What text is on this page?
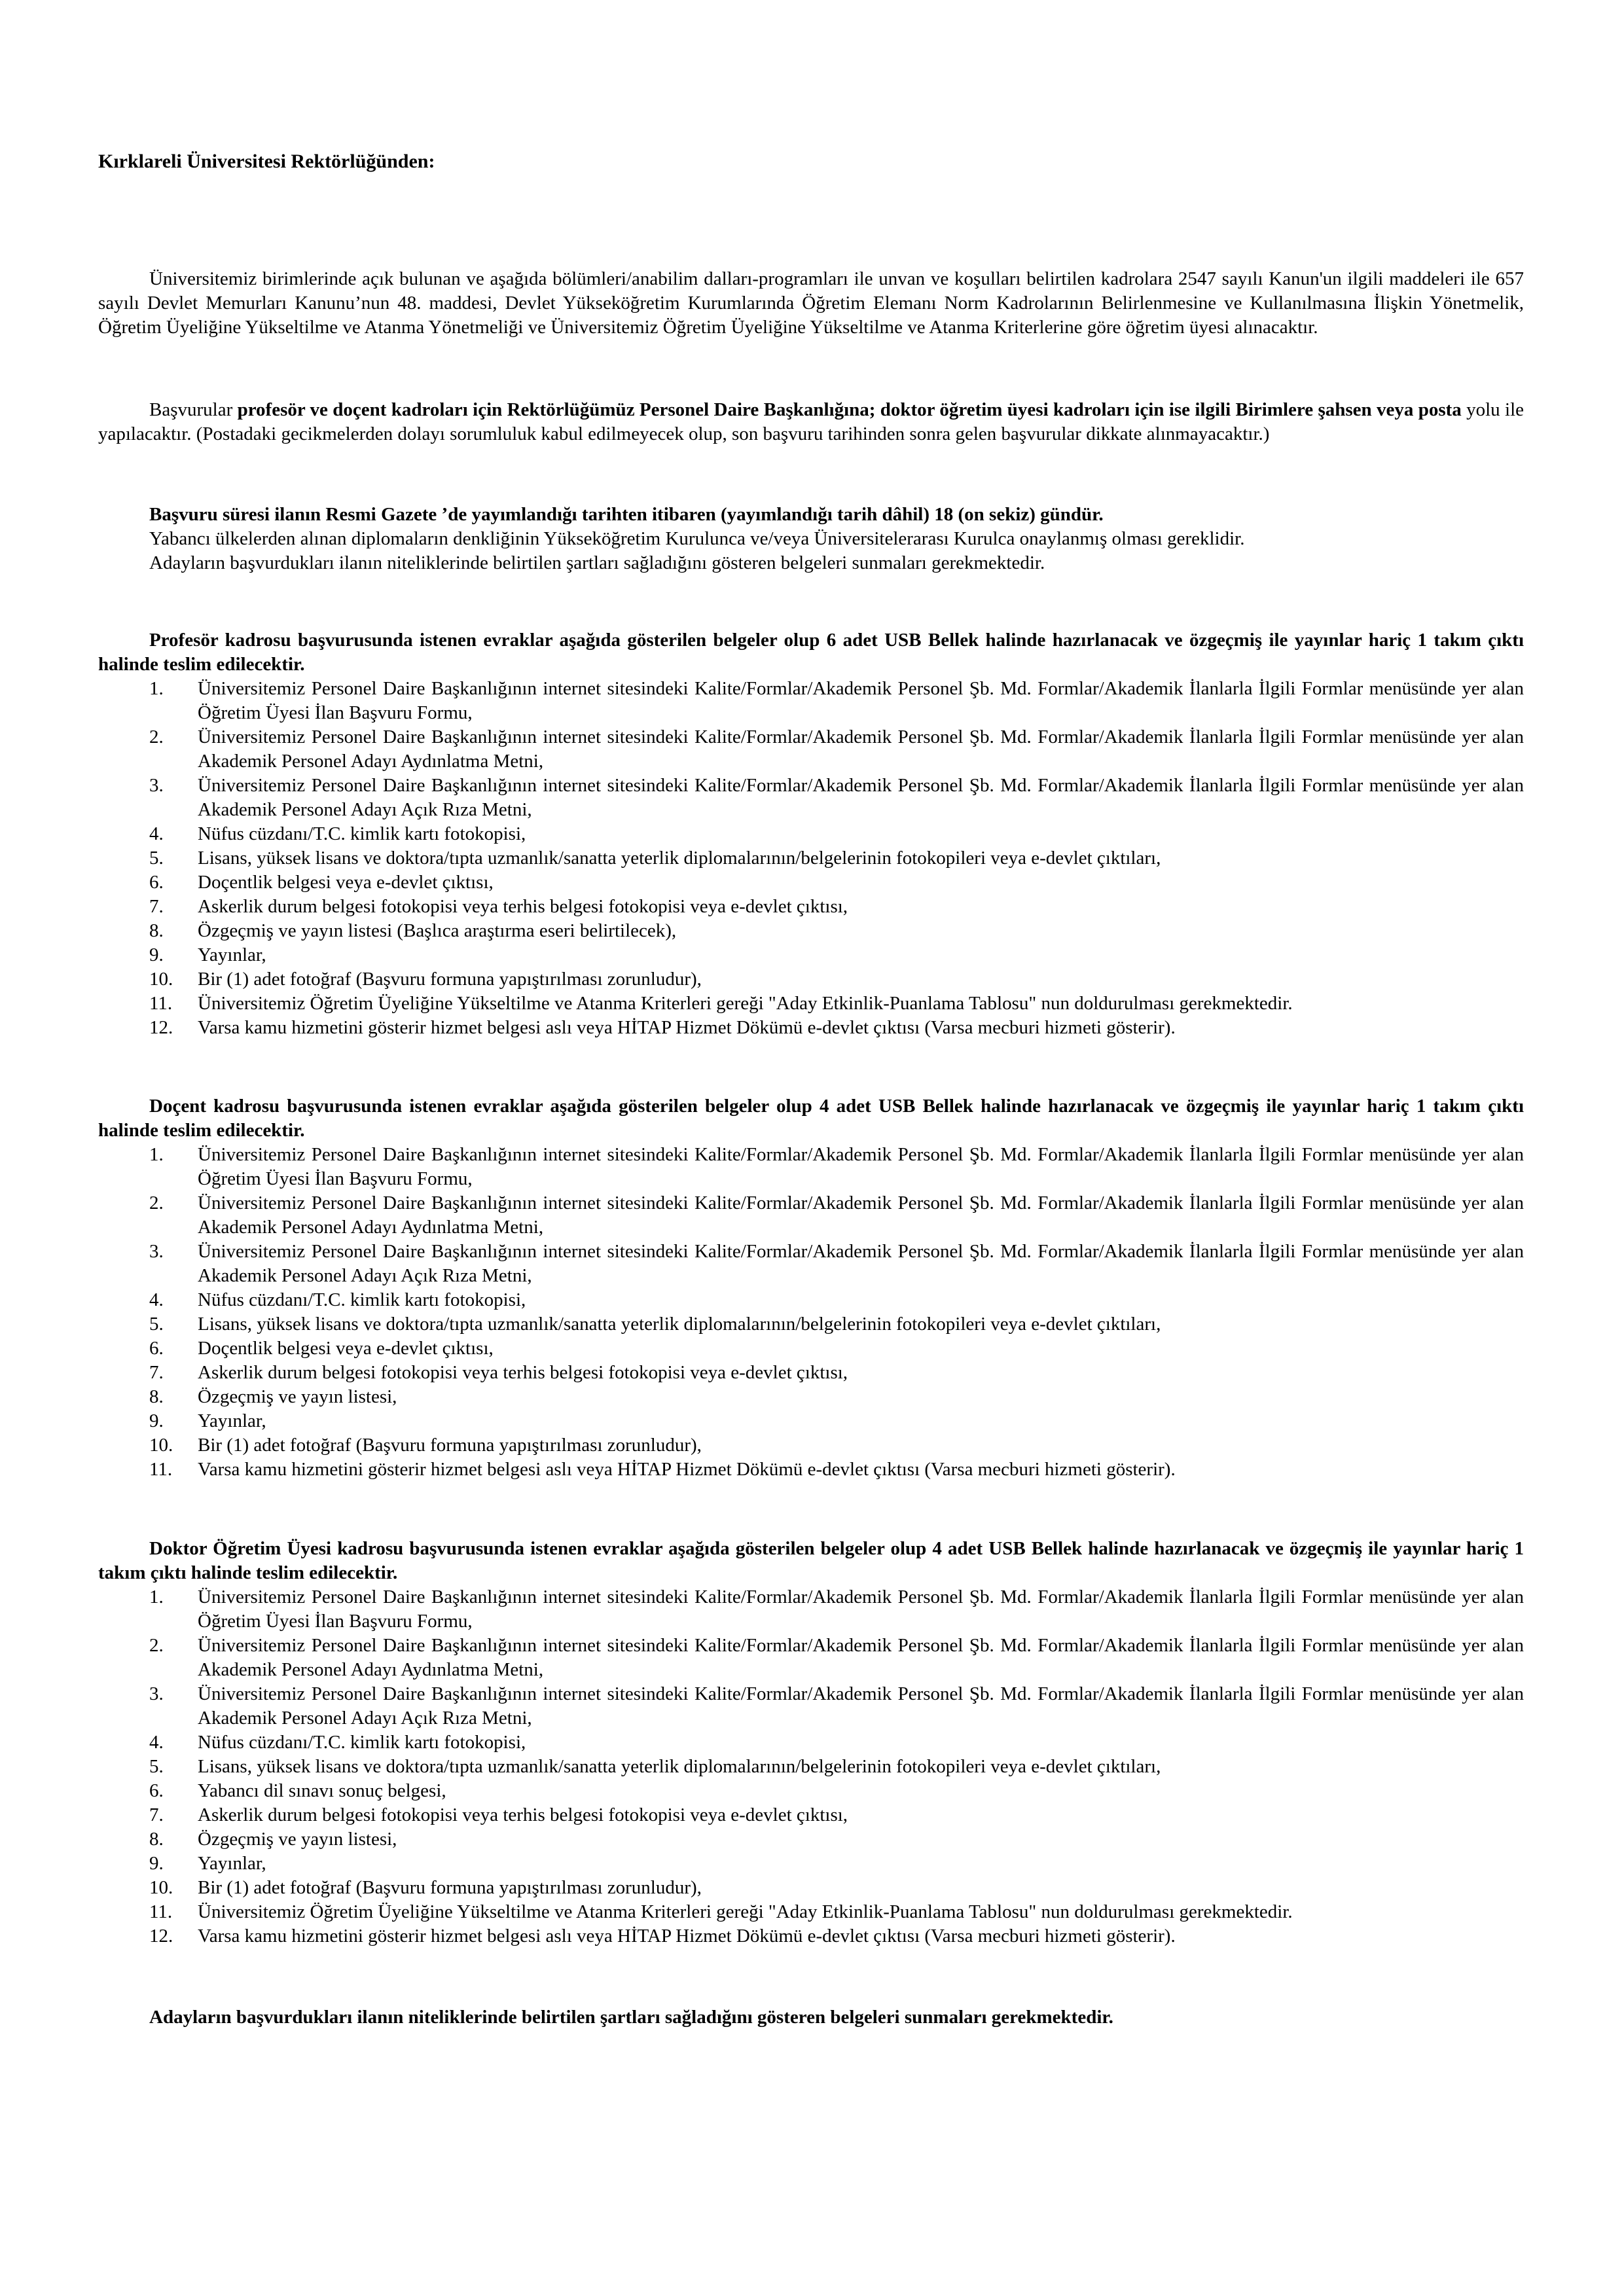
Kırklareli Üniversitesi Rektörlüğünden:
Üniversitemiz birimlerinde açık bulunan ve aşağıda bölümleri/anabilim dalları-programları ile unvan ve koşulları belirtilen kadrolara 2547 sayılı Kanun'un ilgili maddeleri ile 657 sayılı Devlet Memurları Kanunu’nun 48. maddesi, Devlet Yükseköğretim Kurumlarında Öğretim Elemanı Norm Kadrolarının Belirlenmesine ve Kullanılmasına İlişkin Yönetmelik, Öğretim Üyeliğine Yükseltilme ve Atanma Yönetmeliği ve Üniversitemiz Öğretim Üyeliğine Yükseltilme ve Atanma Kriterlerine göre öğretim üyesi alınacaktır.
Başvurular profesör ve doçent kadroları için Rektörlüğümüz Personel Daire Başkanlığına; doktor öğretim üyesi kadroları için ise ilgili Birimlere şahsen veya posta yolu ile yapılacaktır. (Postadaki gecikmelerden dolayı sorumluluk kabul edilmeyecek olup, son başvuru tarihinden sonra gelen başvurular dikkate alınmayacaktır.)
Başvuru süresi ilanın Resmi Gazete ’de yayımlandığı tarihten itibaren (yayımlandığı tarih dâhil) 18 (on sekiz) gündür.
Yabancı ülkelerden alınan diplomaların denkliğinin Yükseköğretim Kurulunca ve/veya Üniversitelerarası Kurulca onaylanmış olması gereklidir.
Adayların başvurdukları ilanın niteliklerinde belirtilen şartları sağladığını gösteren belgeleri sunmaları gerekmektedir.
Profesör kadrosu başvurusunda istenen evraklar aşağıda gösterilen belgeler olup 6 adet USB Bellek halinde hazırlanacak ve özgeçmiş ile yayınlar hariç 1 takım çıktı halinde teslim edilecektir.
1.	Üniversitemiz Personel Daire Başkanlığının internet sitesindeki Kalite/Formlar/Akademik Personel Şb. Md. Formlar/Akademik İlanlarla İlgili Formlar menüsünde yer alan Öğretim Üyesi İlan Başvuru Formu,
2.	Üniversitemiz Personel Daire Başkanlığının internet sitesindeki Kalite/Formlar/Akademik Personel Şb. Md. Formlar/Akademik İlanlarla İlgili Formlar menüsünde yer alan Akademik Personel Adayı Aydınlatma Metni,
3.	Üniversitemiz Personel Daire Başkanlığının internet sitesindeki Kalite/Formlar/Akademik Personel Şb. Md. Formlar/Akademik İlanlarla İlgili Formlar menüsünde yer alan Akademik Personel Adayı Açık Rıza Metni,
4.	Nüfus cüzdanı/T.C. kimlik kartı fotokopisi,
5.	Lisans, yüksek lisans ve doktora/tıpta uzmanlık/sanatta yeterlik diplomalarının/belgelerinin fotokopileri veya e-devlet çıktıları,
6.	Doçentlik belgesi veya e-devlet çıktısı,
7.	Askerlik durum belgesi fotokopisi veya terhis belgesi fotokopisi veya e-devlet çıktısı,
8.	Özgeçmiş ve yayın listesi (Başlıca araştırma eseri belirtilecek),
9.	Yayınlar,
10.	Bir (1) adet fotoğraf (Başvuru formuna yapıştırılması zorunludur),
11.	Üniversitemiz Öğretim Üyeliğine Yükseltilme ve Atanma Kriterleri gereği "Aday Etkinlik-Puanlama Tablosu" nun doldurulması gerekmektedir.
12.	Varsa kamu hizmetini gösterir hizmet belgesi aslı veya HİTAP Hizmet Dökümü e-devlet çıktısı (Varsa mecburi hizmeti gösterir).
Doçent kadrosu başvurusunda istenen evraklar aşağıda gösterilen belgeler olup 4 adet USB Bellek halinde hazırlanacak ve özgeçmiş ile yayınlar hariç 1 takım çıktı halinde teslim edilecektir.
1.	Üniversitemiz Personel Daire Başkanlığının internet sitesindeki Kalite/Formlar/Akademik Personel Şb. Md. Formlar/Akademik İlanlarla İlgili Formlar menüsünde yer alan Öğretim Üyesi İlan Başvuru Formu,
2.	Üniversitemiz Personel Daire Başkanlığının internet sitesindeki Kalite/Formlar/Akademik Personel Şb. Md. Formlar/Akademik İlanlarla İlgili Formlar menüsünde yer alan Akademik Personel Adayı Aydınlatma Metni,
3.	Üniversitemiz Personel Daire Başkanlığının internet sitesindeki Kalite/Formlar/Akademik Personel Şb. Md. Formlar/Akademik İlanlarla İlgili Formlar menüsünde yer alan Akademik Personel Adayı Açık Rıza Metni,
4.	Nüfus cüzdanı/T.C. kimlik kartı fotokopisi,
5.	Lisans, yüksek lisans ve doktora/tıpta uzmanlık/sanatta yeterlik diplomalarının/belgelerinin fotokopileri veya e-devlet çıktıları,
6.	Doçentlik belgesi veya e-devlet çıktısı,
7.	Askerlik durum belgesi fotokopisi veya terhis belgesi fotokopisi veya e-devlet çıktısı,
8.	Özgeçmiş ve yayın listesi,
9.	Yayınlar,
10.	Bir (1) adet fotoğraf (Başvuru formuna yapıştırılması zorunludur),
11.	Varsa kamu hizmetini gösterir hizmet belgesi aslı veya HİTAP Hizmet Dökümü e-devlet çıktısı (Varsa mecburi hizmeti gösterir).
Doktor Öğretim Üyesi kadrosu başvurusunda istenen evraklar aşağıda gösterilen belgeler olup 4 adet USB Bellek halinde hazırlanacak ve özgeçmiş ile yayınlar hariç 1 takım çıktı halinde teslim edilecektir.
1.	Üniversitemiz Personel Daire Başkanlığının internet sitesindeki Kalite/Formlar/Akademik Personel Şb. Md. Formlar/Akademik İlanlarla İlgili Formlar menüsünde yer alan Öğretim Üyesi İlan Başvuru Formu,
2.	Üniversitemiz Personel Daire Başkanlığının internet sitesindeki Kalite/Formlar/Akademik Personel Şb. Md. Formlar/Akademik İlanlarla İlgili Formlar menüsünde yer alan Akademik Personel Adayı Aydınlatma Metni,
3.	Üniversitemiz Personel Daire Başkanlığının internet sitesindeki Kalite/Formlar/Akademik Personel Şb. Md. Formlar/Akademik İlanlarla İlgili Formlar menüsünde yer alan Akademik Personel Adayı Açık Rıza Metni,
4.	Nüfus cüzdanı/T.C. kimlik kartı fotokopisi,
5.	Lisans, yüksek lisans ve doktora/tıpta uzmanlık/sanatta yeterlik diplomalarının/belgelerinin fotokopileri veya e-devlet çıktıları,
6.	Yabancı dil sınavı sonuç belgesi,
7.	Askerlik durum belgesi fotokopisi veya terhis belgesi fotokopisi veya e-devlet çıktısı,
8.	Özgeçmiş ve yayın listesi,
9.	Yayınlar,
10.	Bir (1) adet fotoğraf (Başvuru formuna yapıştırılması zorunludur),
11.	Üniversitemiz Öğretim Üyeliğine Yükseltilme ve Atanma Kriterleri gereği "Aday Etkinlik-Puanlama Tablosu" nun doldurulması gerekmektedir.
12.	Varsa kamu hizmetini gösterir hizmet belgesi aslı veya HİTAP Hizmet Dökümü e-devlet çıktısı (Varsa mecburi hizmeti gösterir).
Adayların başvurdukları ilanın niteliklerinde belirtilen şartları sağladığını gösteren belgeleri sunmaları gerekmektedir.
